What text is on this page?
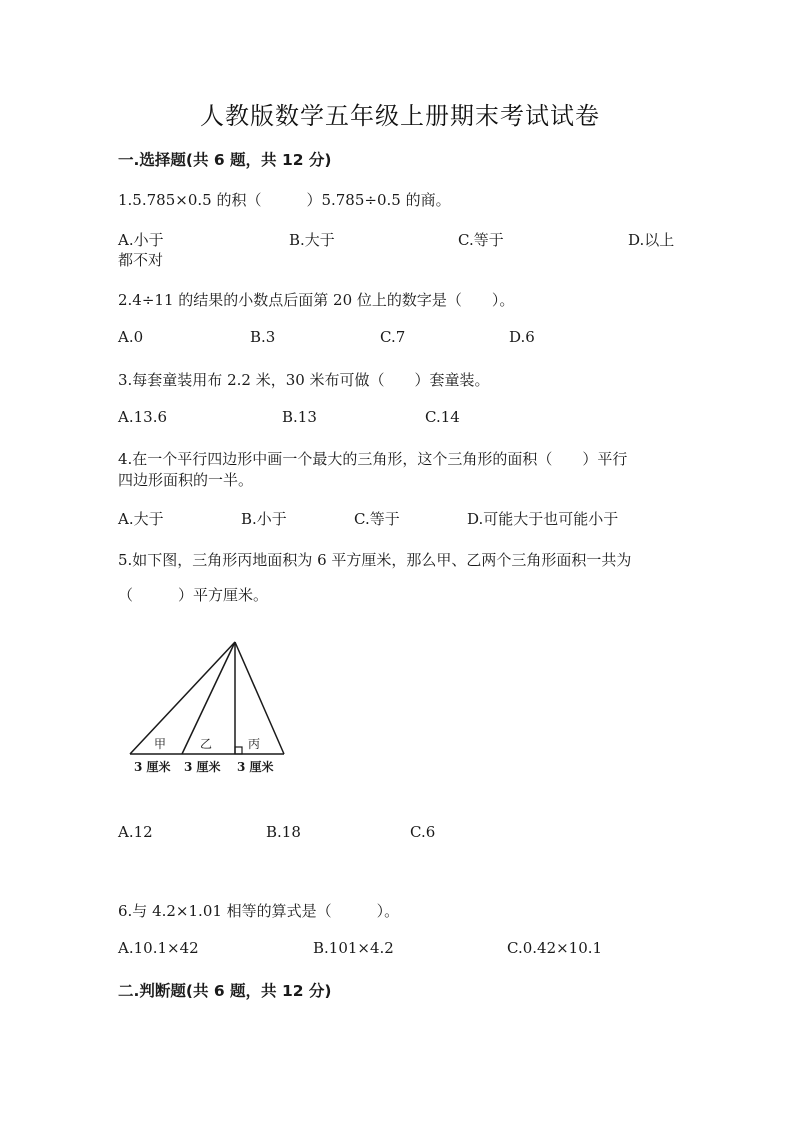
人教版数学五年级上册期末考试试卷
一.选择题(共 6 题，共 12 分)
1.5.785×0.5 的积（　　　）5.785÷0.5 的商。
A.小于	B.大于	C.等于	D.以上
都不对
2.4÷11 的结果的小数点后面第 20 位上的数字是（　　）。
A.0	B.3	C.7	D.6
3.每套童装用布 2.2 米，30 米布可做（　　）套童装。
A.13.6	B.13	C.14
4.在一个平行四边形中画一个最大的三角形，这个三角形的面积（　　）平行
四边形面积的一半。
A.大于	B.小于	C.等于	D.可能大于也可能小于
5.如下图，三角形丙地面积为 6 平方厘米，那么甲、乙两个三角形面积一共为
（　　　）平方厘米。
甲	乙	丙
3 厘米 3 厘米 3 厘米
A.12	B.18	C.6
6.与 4.2×1.01 相等的算式是（　　　）。
A.10.1×42	B.101×4.2	C.0.42×10.1
二.判断题(共 6 题，共 12 分)
